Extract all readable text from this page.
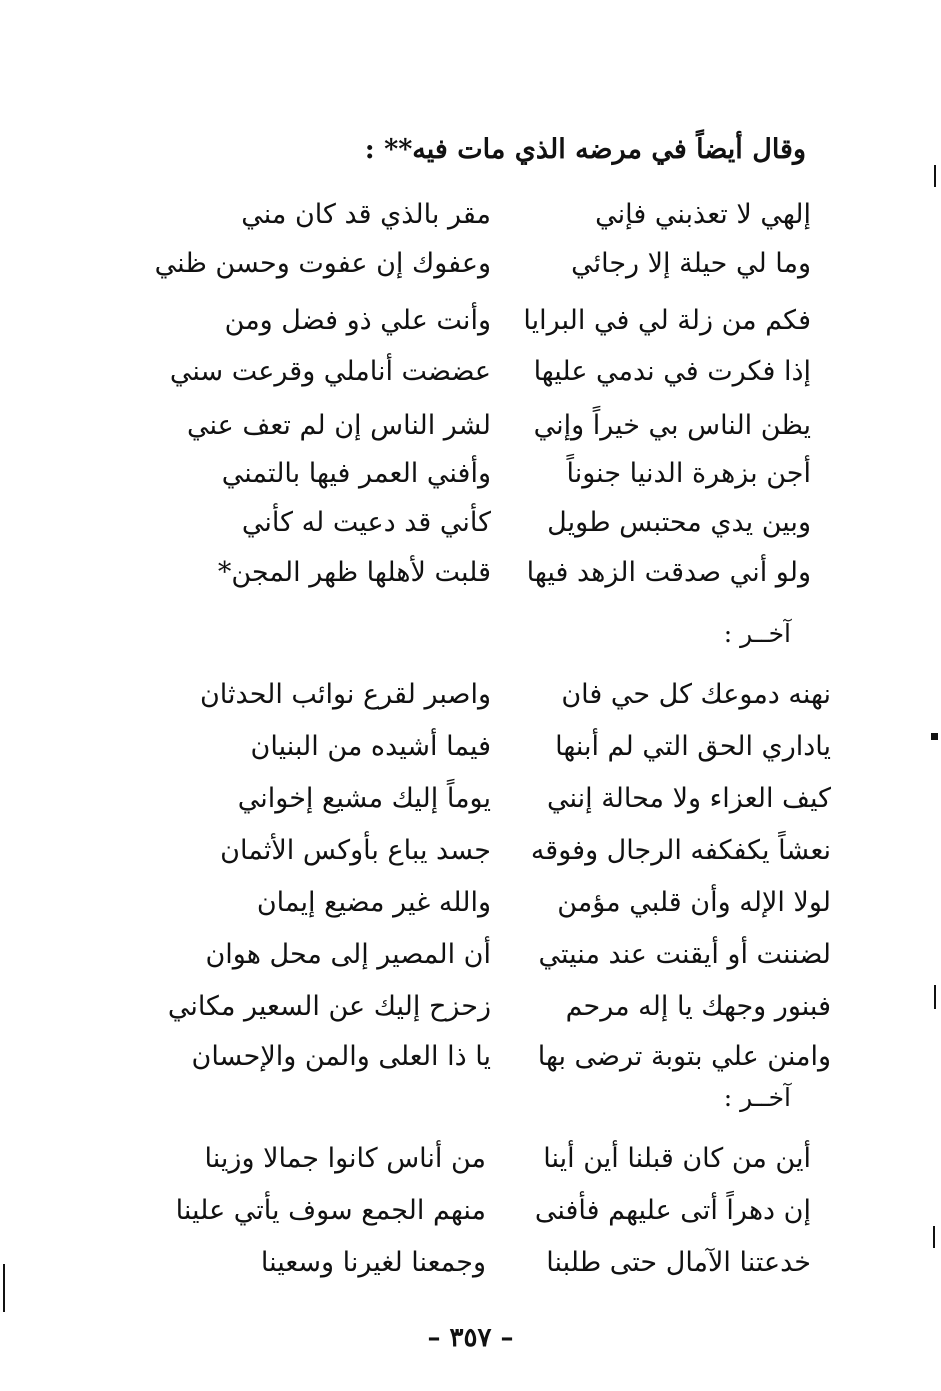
وقال أيضاً في مرضه الذي مات فيه** :
إلهي لا تعذبني فإني
مقر بالذي قد كان مني
وما لي حيلة إلا رجائي
وعفوك إن عفوت وحسن ظني
فكم من زلة لي في البرايا
وأنت علي ذو فضل ومن
إذا فكرت في ندمي عليها
عضضت أناملي وقرعت سني
يظن الناس بي خيراً وإني
لشر الناس إن لم تعف عني
أجن بزهرة الدنيا جنوناً
وأفني العمر فيها بالتمني
وبين يدي محتبس طويل
كأني قد دعيت له كأني
ولو أني صدقت الزهد فيها
قلبت لأهلها ظهر المجن*
آخــر :
نهنه دموعك كل حي فان
واصبر لقرع نوائب الحدثان
ياداري الحق التي لم أبنها
فيما أشيده من البنيان
كيف العزاء ولا محالة إنني
يوماً إليك مشيع إخواني
نعشاً يكفكفه الرجال وفوقه
جسد يباع بأوكس الأثمان
لولا الإله وأن قلبي مؤمن
والله غير مضيع إيمان
لضننت أو أيقنت عند منيتي
أن المصير إلى محل هوان
فبنور وجهك يا إله مرحم
زحزح إليك عن السعير مكاني
وامنن علي بتوبة ترضى بها
يا ذا العلى والمن والإحسان
آخــر :
أين من كان قبلنا أين أينا
من أناس كانوا جمالا وزينا
إن دهراً أتى عليهم فأفنى
منهم الجمع سوف يأتي علينا
خدعتنا الآمال حتى طلبنا
وجمعنا لغيرنا وسعينا
– ٣٥٧ –
